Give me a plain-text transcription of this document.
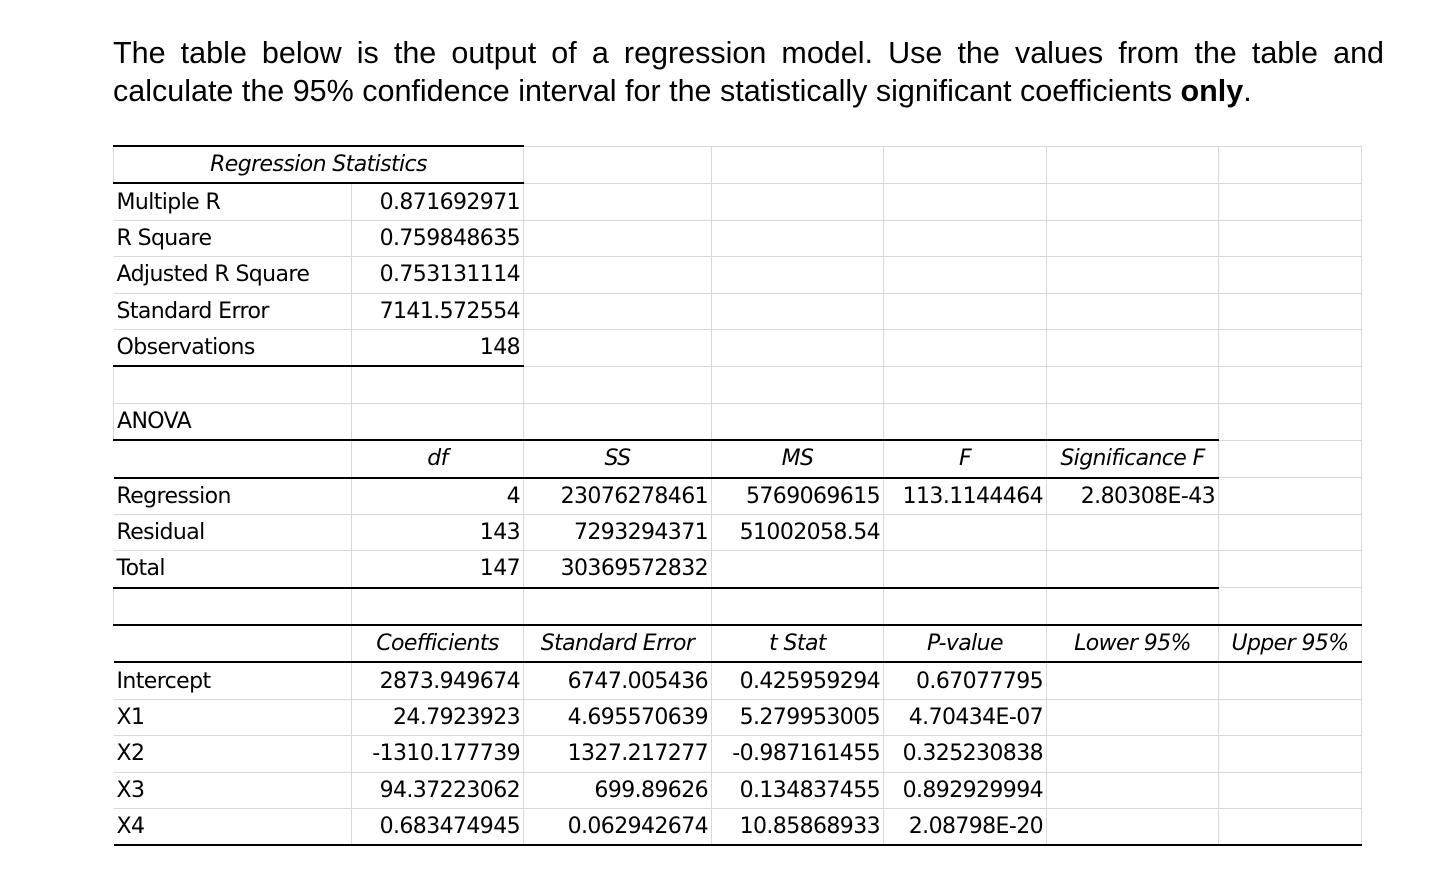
The table below is the output of a regression model. Use the values from the table and calculate the 95% confidence interval for the statistically significant coefficients only.
Regression Statistics						
Multiple R	0.871692971					
R Square	0.759848635					
Adjusted R Square	0.753131114					
Standard Error	7141.572554					
Observations	148					

ANOVA						
	df	SS	MS	F	Significance F	
Regression	4	23076278461	5769069615	113.1144464	2.80308E-43	
Residual	143	7293294371	51002058.54			
Total	147	30369572832				

	Coefficients	Standard Error	t Stat	P-value	Lower 95%	Upper 95%
Intercept	2873.949674	6747.005436	0.425959294	0.67077795		
X1	24.7923923	4.695570639	5.279953005	4.70434E-07		
X2	-1310.177739	1327.217277	-0.987161455	0.325230838		
X3	94.37223062	699.89626	0.134837455	0.892929994		
X4	0.683474945	0.062942674	10.85868933	2.08798E-20		
